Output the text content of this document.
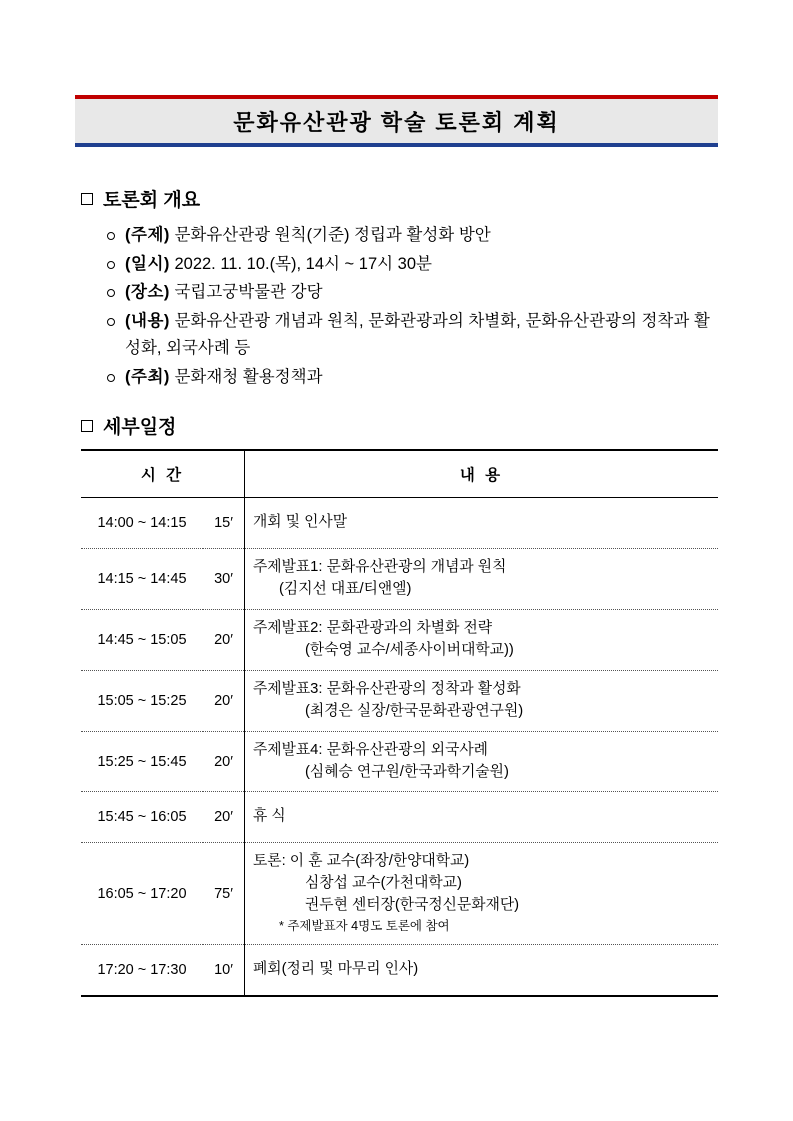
문화유산관광 학술 토론회 계획
토론회 개요
(주제) 문화유산관광 원칙(기준) 정립과 활성화 방안
(일시) 2022. 11. 10.(목), 14시 ~ 17시 30분
(장소) 국립고궁박물관 강당
(내용) 문화유산관광 개념과 원칙, 문화관광과의 차별화, 문화유산관광의 정착과 활성화, 외국사례 등
(주최) 문화재청 활용정책과
세부일정
시 간		내 용
14:00 ~ 14:15	15′	개회 및 인사말

14:15 ~ 14:45	30′	주제발표1: 문화유산관광의 개념과 원칙
(김지선 대표/티앤엘)

14:45 ~ 15:05	20′	주제발표2: 문화관광과의 차별화 전략
(한숙영 교수/세종사이버대학교))

15:05 ~ 15:25	20′	주제발표3: 문화유산관광의 정착과 활성화
(최경은 실장/한국문화관광연구원)

15:25 ~ 15:45	20′	주제발표4: 문화유산관광의 외국사례
(심혜승 연구원/한국과학기술원)

15:45 ~ 16:05	20′	휴 식

16:05 ~ 17:20	75′	토론: 이 훈 교수(좌장/한양대학교)
심창섭 교수(가천대학교)
권두현 센터장(한국정신문화재단)
* 주제발표자 4명도 토론에 참여

17:20 ~ 17:30	10′	폐회(정리 및 마무리 인사)
